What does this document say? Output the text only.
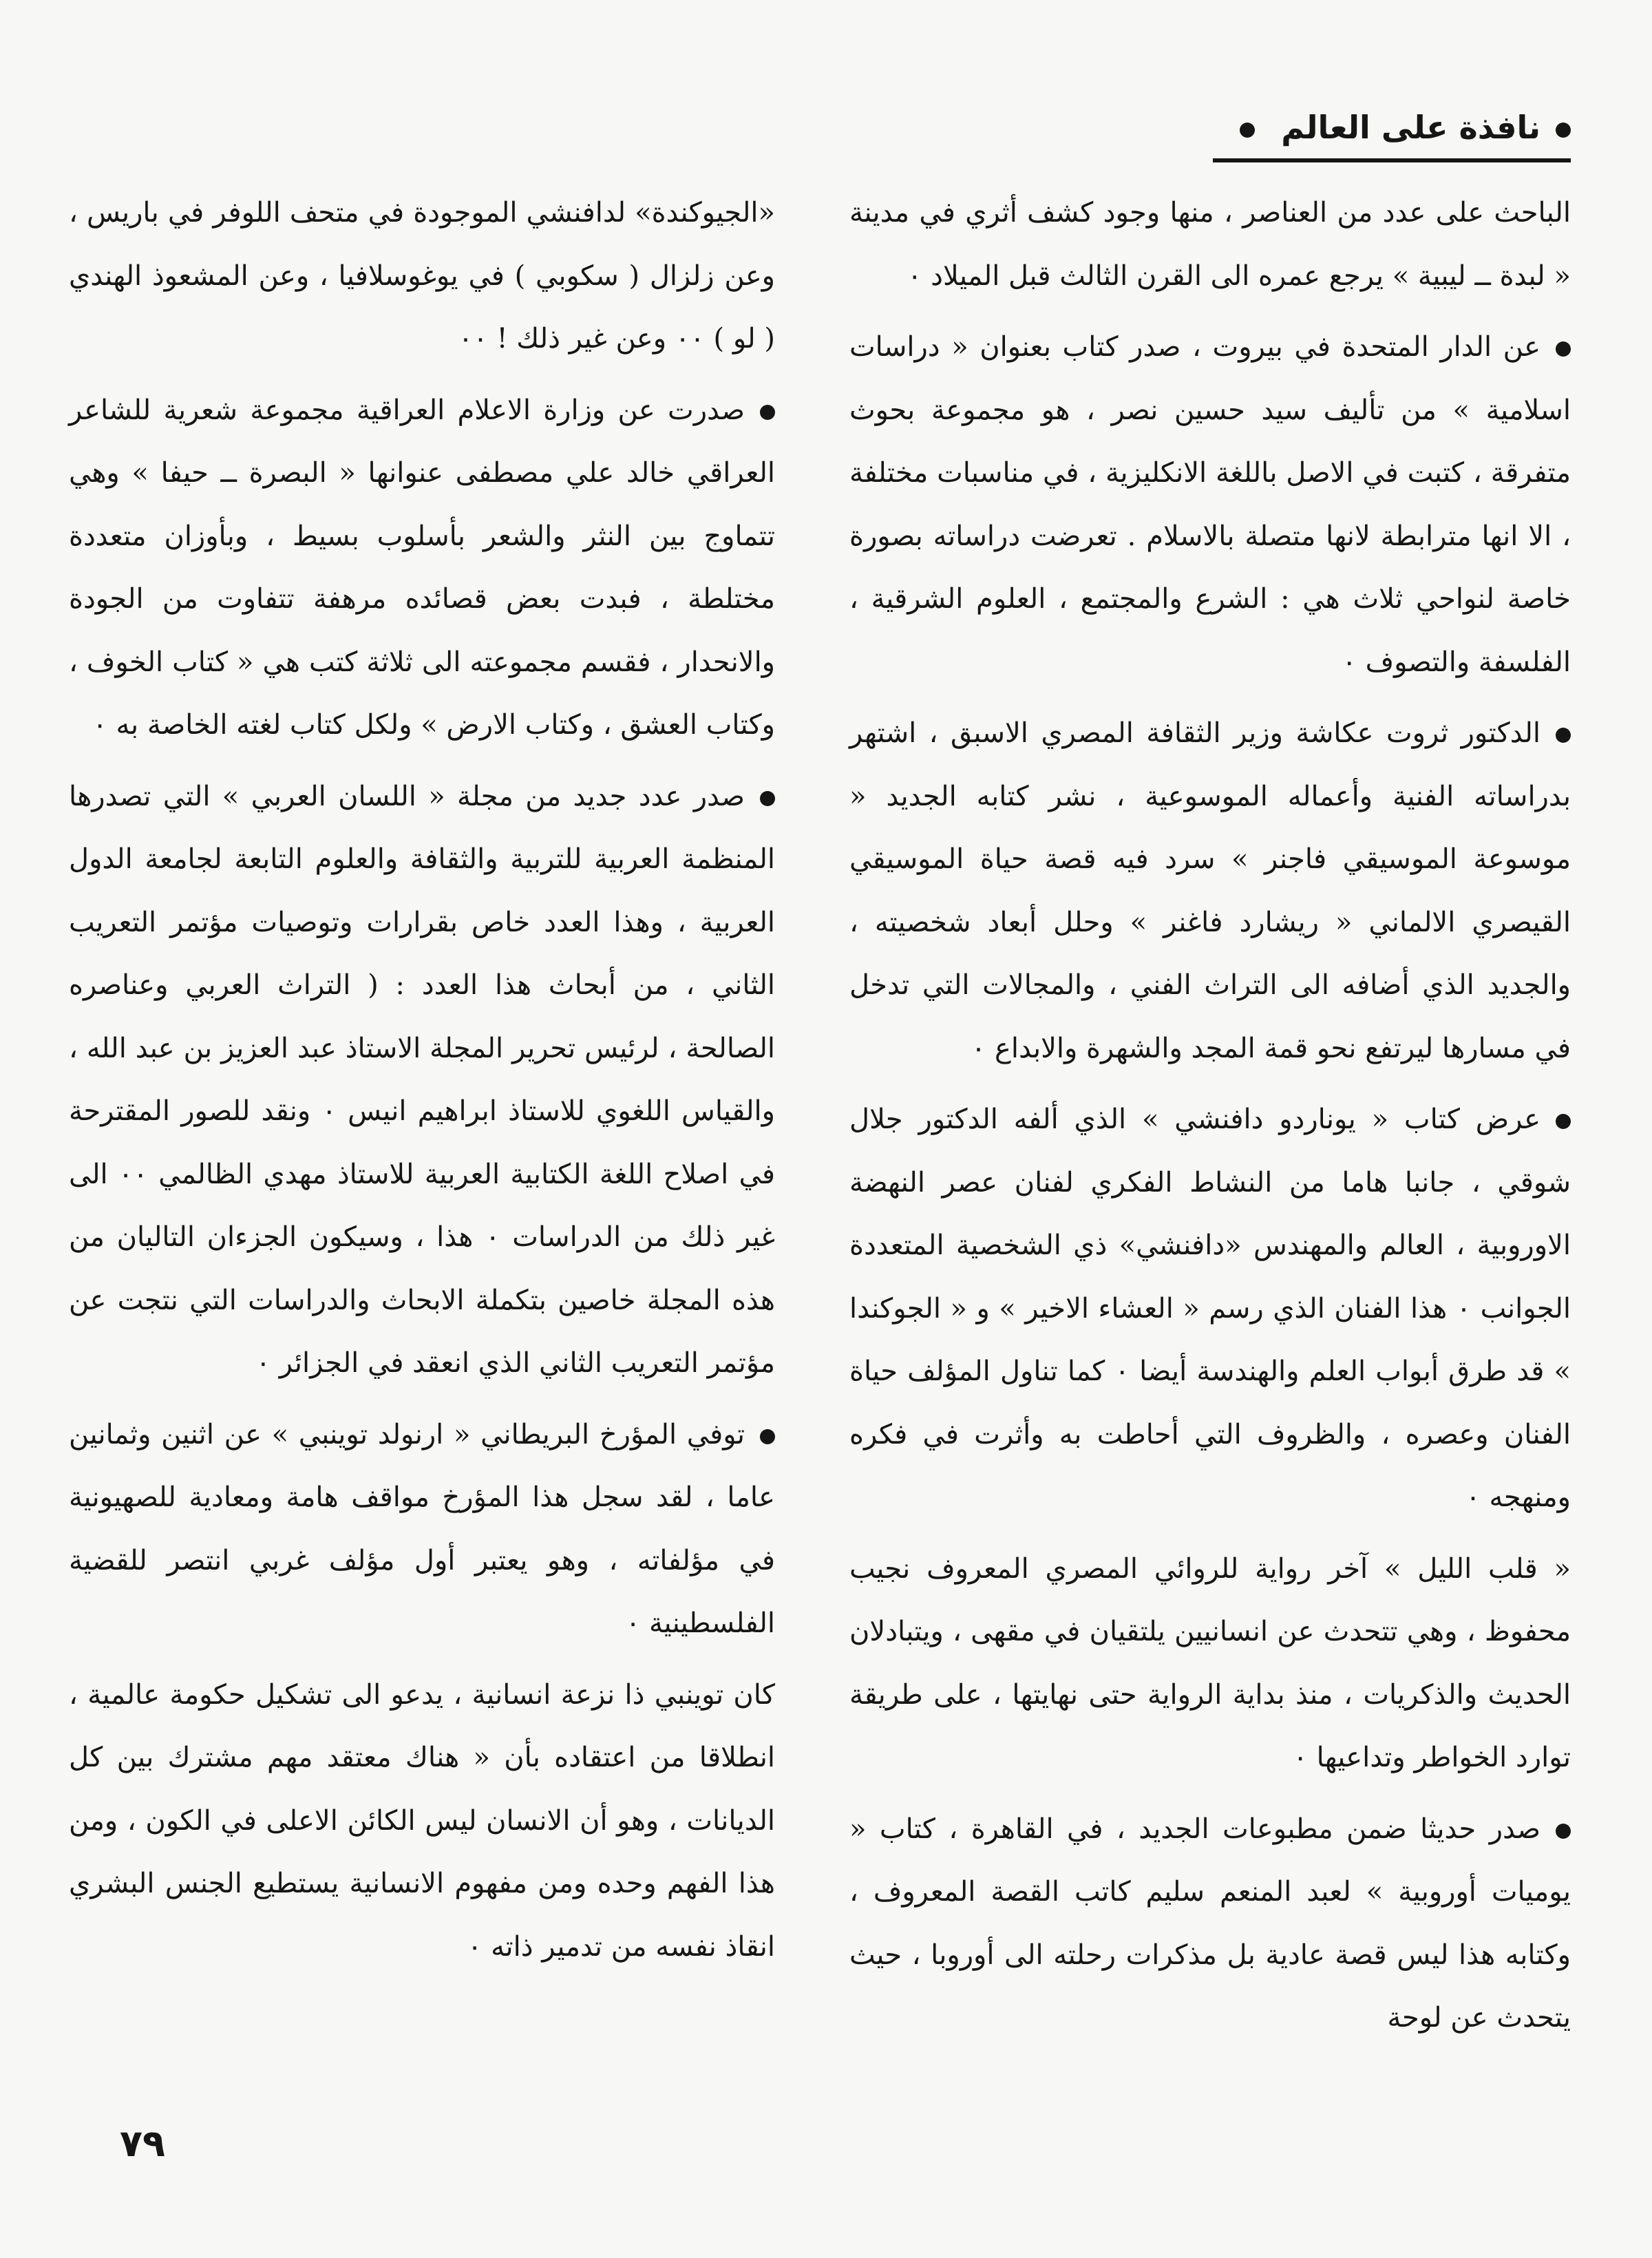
نافذة على العالم

الباحث على عدد من العناصر ، منها وجود كشف أثري في مدينة « لبدة ــ ليبية » يرجع عمره الى القرن الثالث قبل الميلاد ٠

عن الدار المتحدة في بيروت ، صدر كتاب بعنوان « دراسات اسلامية » من تأليف سيد حسين نصر ، هو مجموعة بحوث متفرقة ، كتبت في الاصل باللغة الانكليزية ، في مناسبات مختلفة ، الا انها مترابطة لانها متصلة بالاسلام . تعرضت دراساته بصورة خاصة لنواحي ثلاث هي : الشرع والمجتمع ، العلوم الشرقية ، الفلسفة والتصوف ٠

الدكتور ثروت عكاشة وزير الثقافة المصري الاسبق ، اشتهر بدراساته الفنية وأعماله الموسوعية ، نشر كتابه الجديد « موسوعة الموسيقي فاجنر » سرد فيه قصة حياة الموسيقي القيصري الالماني « ريشارد فاغنر » وحلل أبعاد شخصيته ، والجديد الذي أضافه الى التراث الفني ، والمجالات التي تدخل في مسارها ليرتفع نحو قمة المجد والشهرة والابداع ٠

عرض كتاب « يوناردو دافنشي » الذي ألفه الدكتور جلال شوقي ، جانبا هاما من النشاط الفكري لفنان عصر النهضة الاوروبية ، العالم والمهندس «دافنشي» ذي الشخصية المتعددة الجوانب ٠ هذا الفنان الذي رسم « العشاء الاخير » و « الجوكندا » قد طرق أبواب العلم والهندسة أيضا ٠ كما تناول المؤلف حياة الفنان وعصره ، والظروف التي أحاطت به وأثرت في فكره ومنهجه ٠

« قلب الليل » آخر رواية للروائي المصري المعروف نجيب محفوظ ، وهي تتحدث عن انسانيين يلتقيان في مقهى ، ويتبادلان الحديث والذكريات ، منذ بداية الرواية حتى نهايتها ، على طريقة توارد الخواطر وتداعيها ٠

صدر حديثا ضمن مطبوعات الجديد ، في القاهرة ، كتاب « يوميات أوروبية » لعبد المنعم سليم كاتب القصة المعروف ، وكتابه هذا ليس قصة عادية بل مذكرات رحلته الى أوروبا ، حيث يتحدث عن لوحة

«الجيوكندة» لدافنشي الموجودة في متحف اللوفر في باريس ، وعن زلزال ( سكوبي ) في يوغوسلافيا ، وعن المشعوذ الهندي ( لو ) ٠٠ وعن غير ذلك ! ٠٠

صدرت عن وزارة الاعلام العراقية مجموعة شعرية للشاعر العراقي خالد علي مصطفى عنوانها « البصرة ــ حيفا » وهي تتماوج بين النثر والشعر بأسلوب بسيط ، وبأوزان متعددة مختلطة ، فبدت بعض قصائده مرهفة تتفاوت من الجودة والانحدار ، فقسم مجموعته الى ثلاثة كتب هي « كتاب الخوف ، وكتاب العشق ، وكتاب الارض » ولكل كتاب لغته الخاصة به ٠

صدر عدد جديد من مجلة « اللسان العربي » التي تصدرها المنظمة العربية للتربية والثقافة والعلوم التابعة لجامعة الدول العربية ، وهذا العدد خاص بقرارات وتوصيات مؤتمر التعريب الثاني ، من أبحاث هذا العدد : ( التراث العربي وعناصره الصالحة ، لرئيس تحرير المجلة الاستاذ عبد العزيز بن عبد الله ، والقياس اللغوي للاستاذ ابراهيم انيس ٠ ونقد للصور المقترحة في اصلاح اللغة الكتابية العربية للاستاذ مهدي الظالمي ٠٠ الى غير ذلك من الدراسات ٠ هذا ، وسيكون الجزءان التاليان من هذه المجلة خاصين بتكملة الابحاث والدراسات التي نتجت عن مؤتمر التعريب الثاني الذي انعقد في الجزائر ٠

توفي المؤرخ البريطاني « ارنولد توينبي » عن اثنين وثمانين عاما ، لقد سجل هذا المؤرخ مواقف هامة ومعادية للصهيونية في مؤلفاته ، وهو يعتبر أول مؤلف غربي انتصر للقضية الفلسطينية ٠

كان توينبي ذا نزعة انسانية ، يدعو الى تشكيل حكومة عالمية ، انطلاقا من اعتقاده بأن « هناك معتقد مهم مشترك بين كل الديانات ، وهو أن الانسان ليس الكائن الاعلى في الكون ، ومن هذا الفهم وحده ومن مفهوم الانسانية يستطيع الجنس البشري انقاذ نفسه من تدمير ذاته ٠

٧٩
